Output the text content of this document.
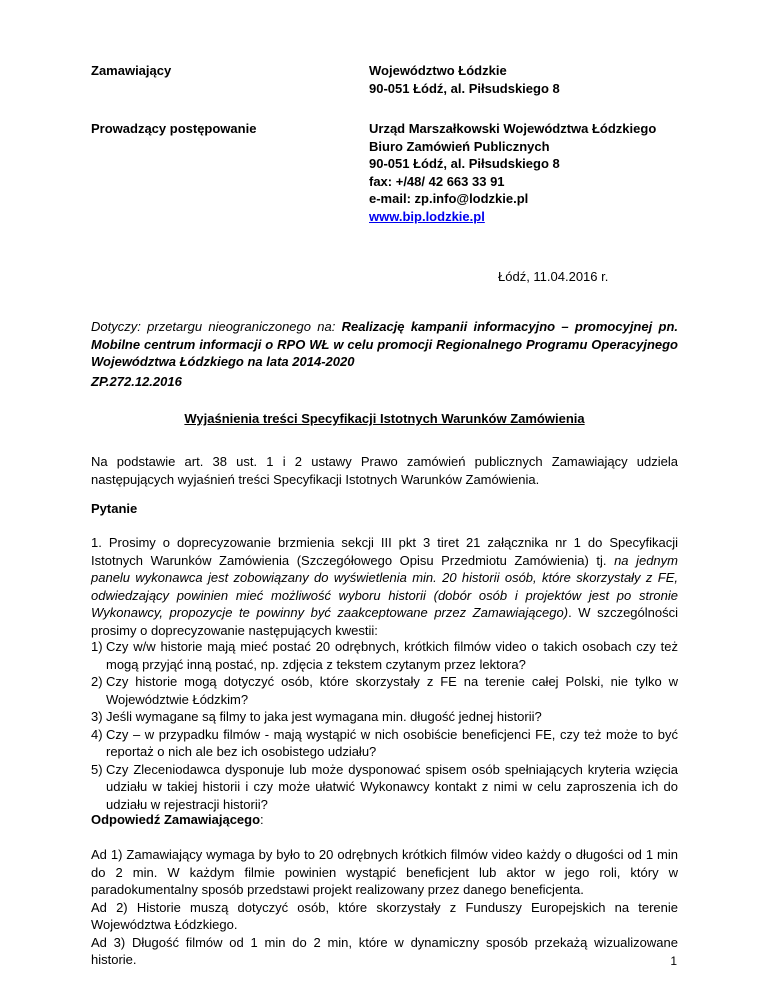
Zamawiający	Województwo Łódzkie
90-051 Łódź, al. Piłsudskiego 8
Prowadzący postępowanie	Urząd Marszałkowski Województwa Łódzkiego
Biuro Zamówień Publicznych
90-051 Łódź, al. Piłsudskiego 8
fax: +/48/ 42 663 33 91
e-mail: zp.info@lodzkie.pl
www.bip.lodzkie.pl
Łódź, 11.04.2016 r.
Dotyczy: przetargu nieograniczonego na: Realizację kampanii informacyjno – promocyjnej pn. Mobilne centrum informacji o RPO WŁ w celu promocji Regionalnego Programu Operacyjnego Województwa Łódzkiego na lata 2014-2020
ZP.272.12.2016
Wyjaśnienia treści Specyfikacji Istotnych Warunków Zamówienia
Na podstawie art. 38 ust. 1 i 2 ustawy Prawo zamówień publicznych Zamawiający udziela następujących wyjaśnień treści Specyfikacji Istotnych Warunków Zamówienia.
Pytanie
1. Prosimy o doprecyzowanie brzmienia sekcji III pkt 3 tiret 21 załącznika nr 1 do Specyfikacji Istotnych Warunków Zamówienia (Szczegółowego Opisu Przedmiotu Zamówienia) tj. na jednym panelu wykonawca jest zobowiązany do wyświetlenia min. 20 historii osób, które skorzystały z FE, odwiedzający powinien mieć możliwość wyboru historii (dobór osób i projektów jest po stronie Wykonawcy, propozycje te powinny być zaakceptowane przez Zamawiającego). W szczególności prosimy o doprecyzowanie następujących kwestii:
1) Czy w/w historie mają mieć postać 20 odrębnych, krótkich filmów video o takich osobach czy też mogą przyjąć inną postać, np. zdjęcia z tekstem czytanym przez lektora?
2) Czy historie mogą dotyczyć osób, które skorzystały z FE na terenie całej Polski, nie tylko w Województwie Łódzkim?
3) Jeśli wymagane są filmy to jaka jest wymagana min. długość jednej historii?
4) Czy – w przypadku filmów - mają wystąpić w nich osobiście beneficjenci FE, czy też może to być reportaż o nich ale bez ich osobistego udziału?
5) Czy Zleceniodawca dysponuje lub może dysponować spisem osób spełniających kryteria wzięcia udziału w takiej historii i czy może ułatwić Wykonawcy kontakt z nimi w celu zaproszenia ich do udziału w rejestracji historii?
Odpowiedź Zamawiającego:
Ad 1) Zamawiający wymaga by było to 20 odrębnych krótkich filmów video każdy o długości od 1 min do 2 min. W każdym filmie powinien wystąpić beneficjent lub aktor w jego roli, który w paradokumentalny sposób przedstawi projekt realizowany przez danego beneficjenta.
Ad 2) Historie muszą dotyczyć osób, które skorzystały z Funduszy Europejskich na terenie Województwa Łódzkiego.
Ad 3) Długość filmów od 1 min do 2 min, które w dynamiczny sposób przekażą wizualizowane historie.	1
